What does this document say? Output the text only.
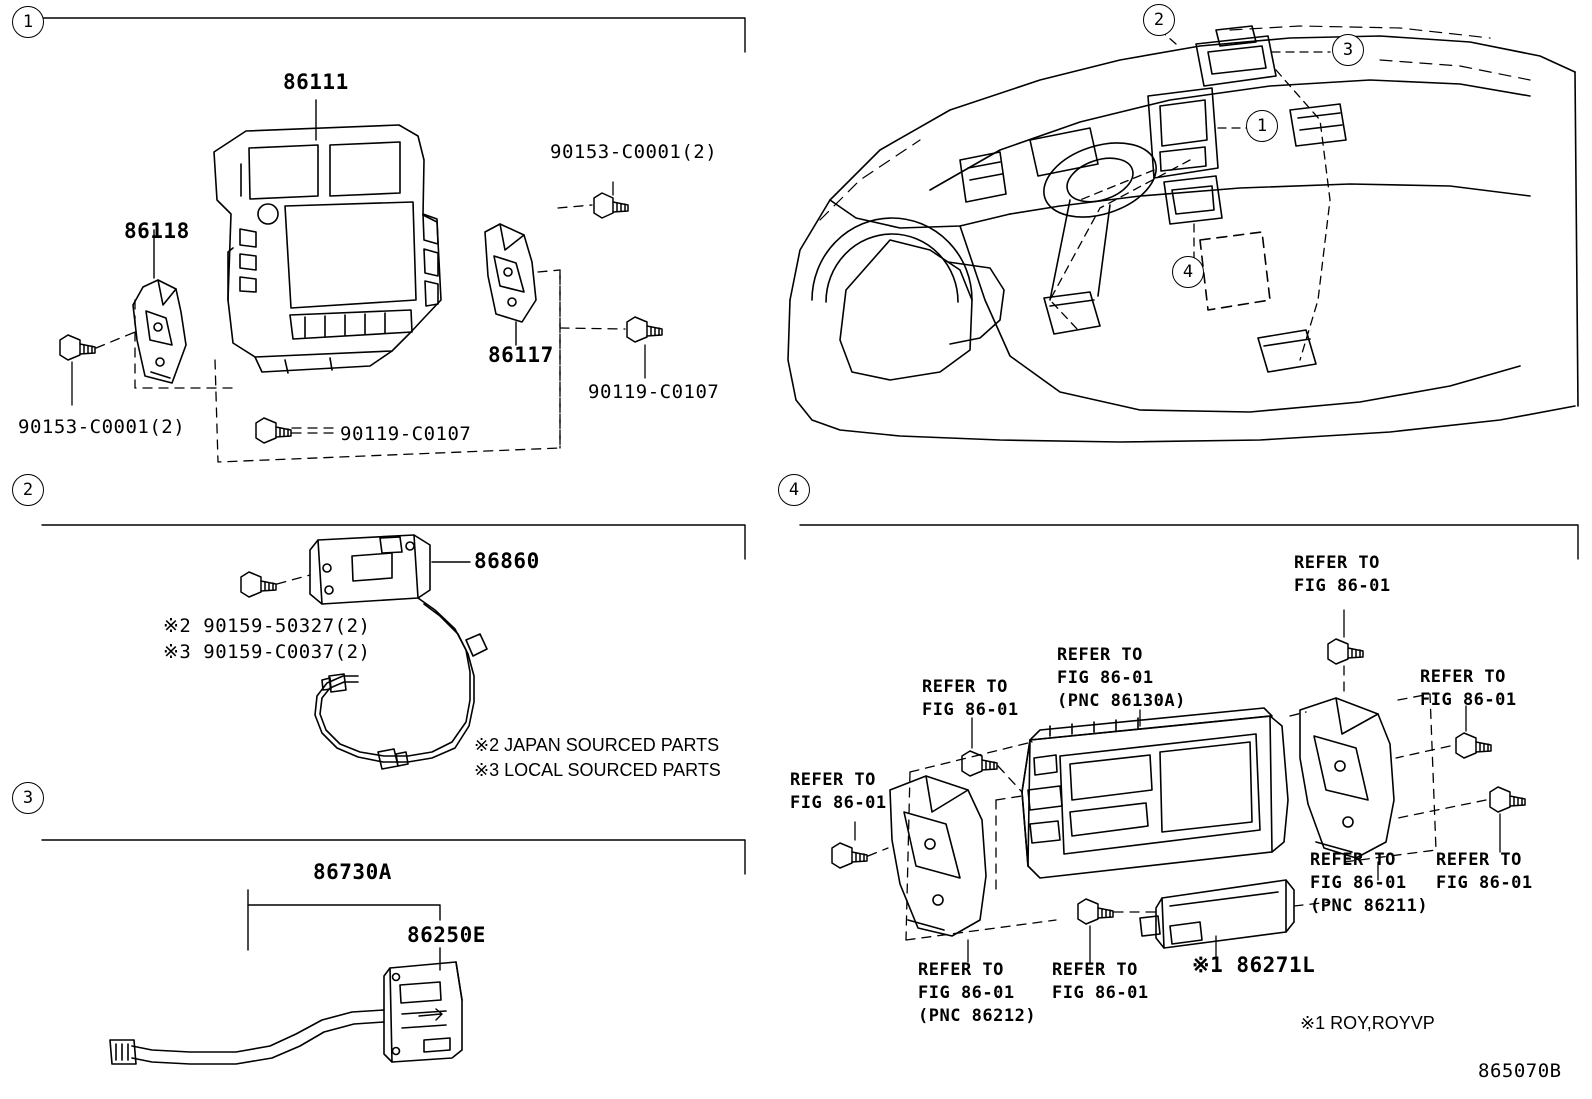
1
2
3
4
1
2
3
4
86111
86118
86117
90153-C0001(2)
90153-C0001(2)
90119-C0107
90119-C0107
86860
※2 90159-50327(2)
※3 90159-C0037(2)
※2 JAPAN SOURCED PARTS
※3 LOCAL SOURCED PARTS
86730A
86250E
REFER TO
FIG 86-01
REFER TO
FIG 86-01
REFER TO
FIG 86-01
(PNC 86130A)
REFER TO
FIG 86-01
REFER TO
FIG 86-01
REFER TO
FIG 86-01
(PNC 86211)
REFER TO
FIG 86-01
REFER TO
FIG 86-01
(PNC 86212)
REFER TO
FIG 86-01
※1 86271L
※1 ROY,ROYVP
865070B
